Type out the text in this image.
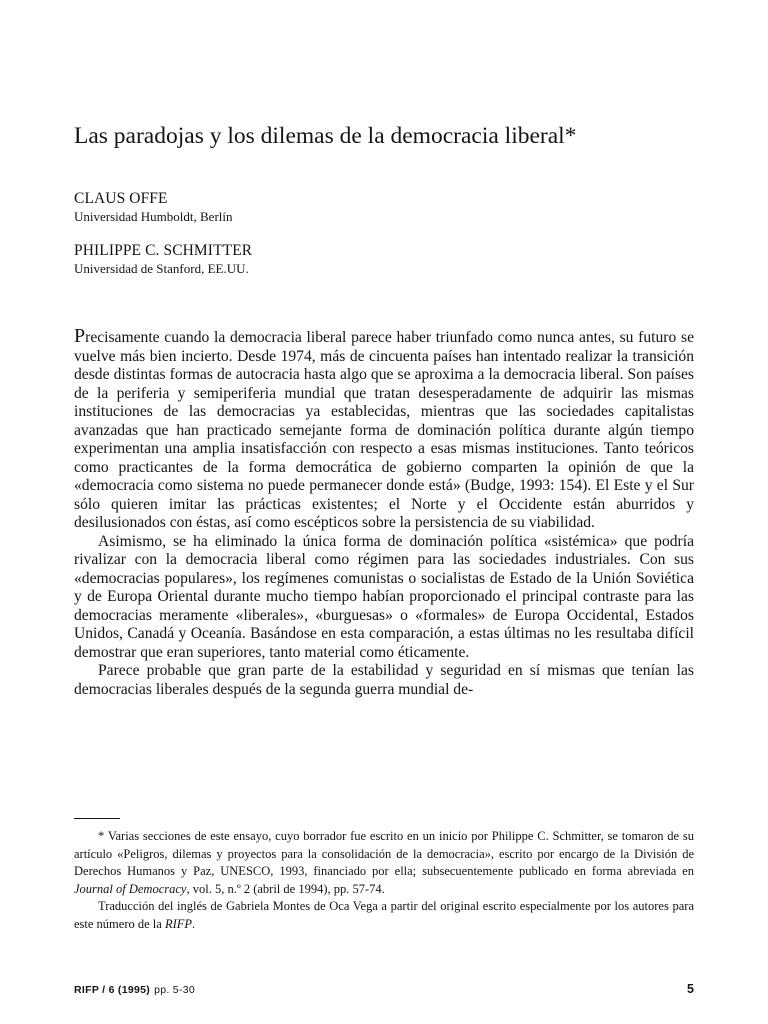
Las paradojas y los dilemas de la democracia liberal*
CLAUS OFFE
Universidad Humboldt, Berlín
PHILIPPE C. SCHMITTER
Universidad de Stanford, EE.UU.

Precisamente cuando la democracia liberal parece haber triunfado como nunca antes, su futuro se vuelve más bien incierto. Desde 1974, más de cincuenta países han intentado realizar la transición desde distintas formas de autocracia hasta algo que se aproxima a la democracia liberal. Son países de la periferia y semiperiferia mundial que tratan desesperadamente de adquirir las mismas instituciones de las democracias ya establecidas, mientras que las sociedades capitalistas avanzadas que han practicado semejante forma de dominación política durante algún tiempo experimentan una amplia insatisfacción con respecto a esas mismas instituciones. Tanto teóricos como practicantes de la forma democrática de gobierno comparten la opinión de que la «democracia como sistema no puede permanecer donde está» (Budge, 1993: 154). El Este y el Sur sólo quieren imitar las prácticas existentes; el Norte y el Occidente están aburridos y desilusionados con éstas, así como escépticos sobre la persistencia de su viabilidad.

Asimismo, se ha eliminado la única forma de dominación política «sistémica» que podría rivalizar con la democracia liberal como régimen para las sociedades industriales. Con sus «democracias populares», los regímenes comunistas o socialistas de Estado de la Unión Soviética y de Europa Oriental durante mucho tiempo habían proporcionado el principal contraste para las democracias meramente «liberales», «burguesas» o «formales» de Europa Occidental, Estados Unidos, Canadá y Oceanía. Basándose en esta comparación, a estas últimas no les resultaba difícil demostrar que eran superiores, tanto material como éticamente.

Parece probable que gran parte de la estabilidad y seguridad en sí mismas que tenían las democracias liberales después de la segunda guerra mundial de-

* Varias secciones de este ensayo, cuyo borrador fue escrito en un inicio por Philippe C. Schmitter, se tomaron de su artículo «Peligros, dilemas y proyectos para la consolidación de la democracia», escrito por encargo de la División de Derechos Humanos y Paz, UNESCO, 1993, financiado por ella; subsecuentemente publicado en forma abreviada en Journal of Democracy, vol. 5, n.º 2 (abril de 1994), pp. 57-74.

Traducción del inglés de Gabriela Montes de Oca Vega a partir del original escrito especialmente por los autores para este número de la RIFP.

RIFP / 6 (1995) pp. 5-30	5
